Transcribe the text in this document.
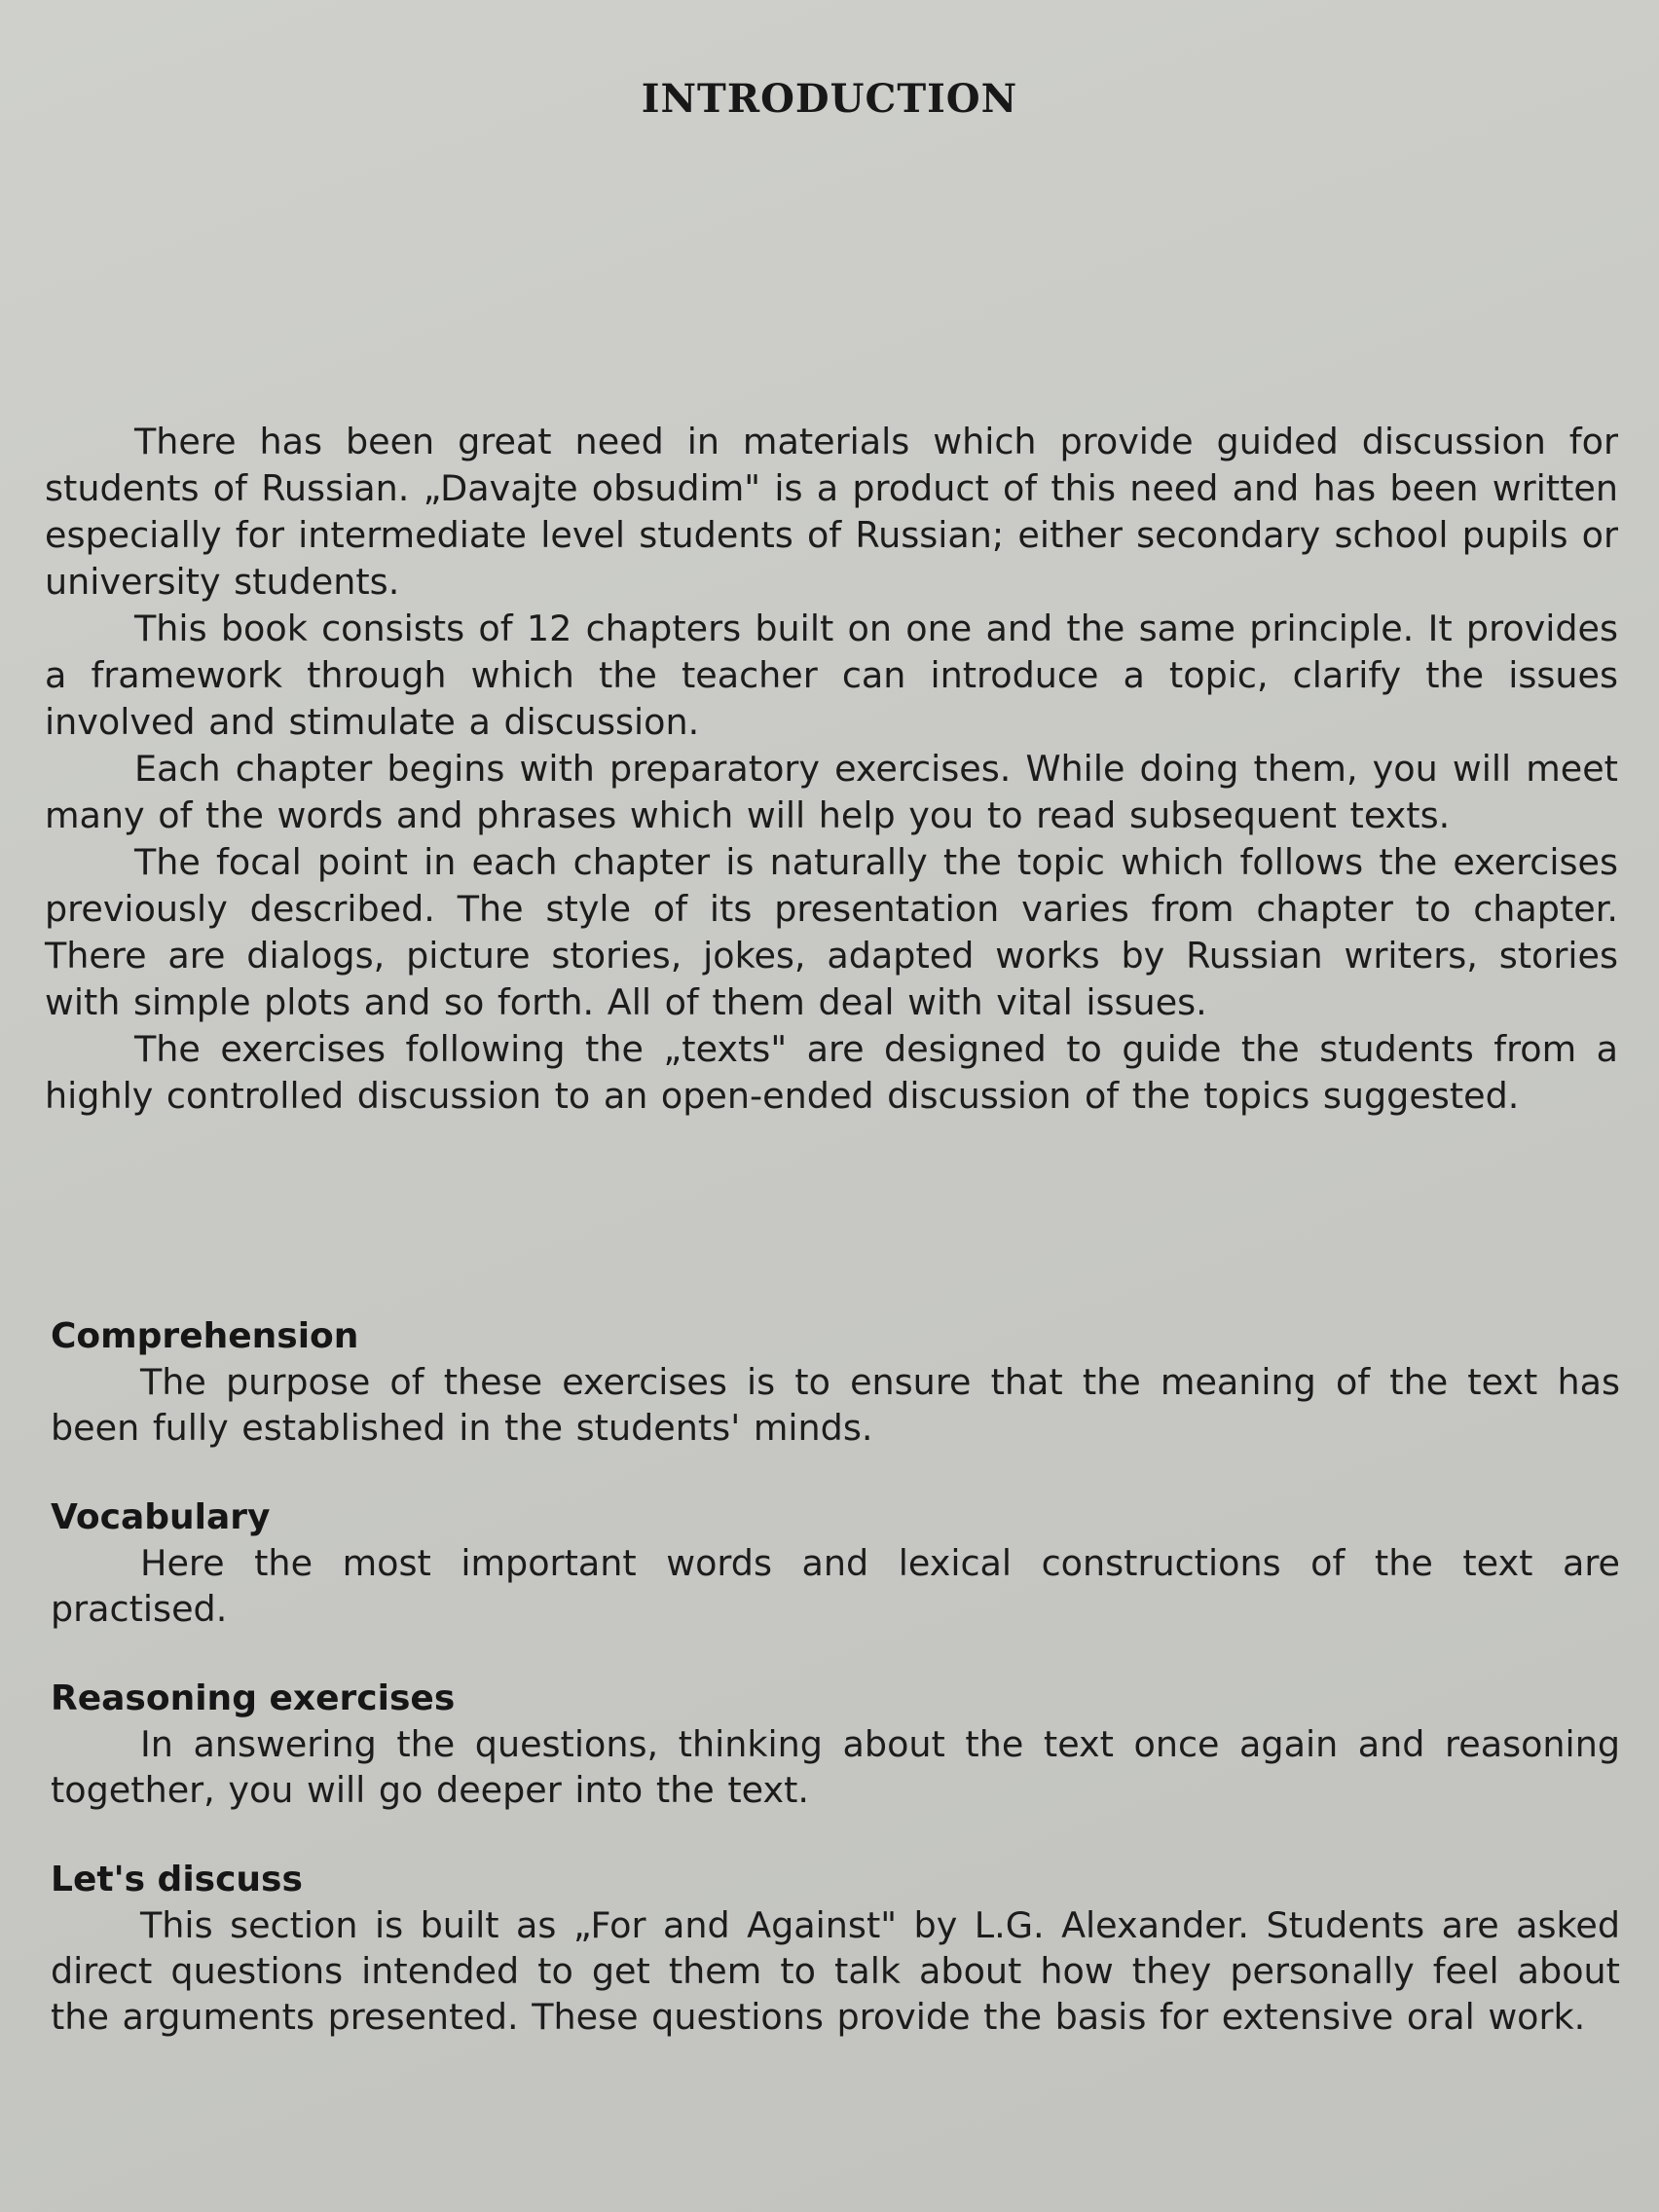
INTRODUCTION

There has been great need in materials which provide guided discussion for students of Russian. „Davajte obsudim" is a product of this need and has been written especially for intermediate level students of Russian; either secondary school pupils or university students.

This book consists of 12 chapters built on one and the same principle. It provides a framework through which the teacher can introduce a topic, clarify the issues involved and stimulate a discussion.

Each chapter begins with preparatory exercises. While doing them, you will meet many of the words and phrases which will help you to read subsequent texts.

The focal point in each chapter is naturally the topic which follows the exercises previously described. The style of its presentation varies from chapter to chapter. There are dialogs, picture stories, jokes, adapted works by Russian writers, stories with simple plots and so forth. All of them deal with vital issues.

The exercises following the „texts" are designed to guide the students from a highly controlled discussion to an open-ended discussion of the topics suggested.

Comprehension

The purpose of these exercises is to ensure that the meaning of the text has been fully established in the students' minds.

Vocabulary

Here the most important words and lexical constructions of the text are practised.

Reasoning exercises

In answering the questions, thinking about the text once again and reasoning together, you will go deeper into the text.

Let's discuss

This section is built as „For and Against" by L.G. Alexander. Students are asked direct questions intended to get them to talk about how they personally feel about the arguments presented. These questions provide the basis for extensive oral work.
